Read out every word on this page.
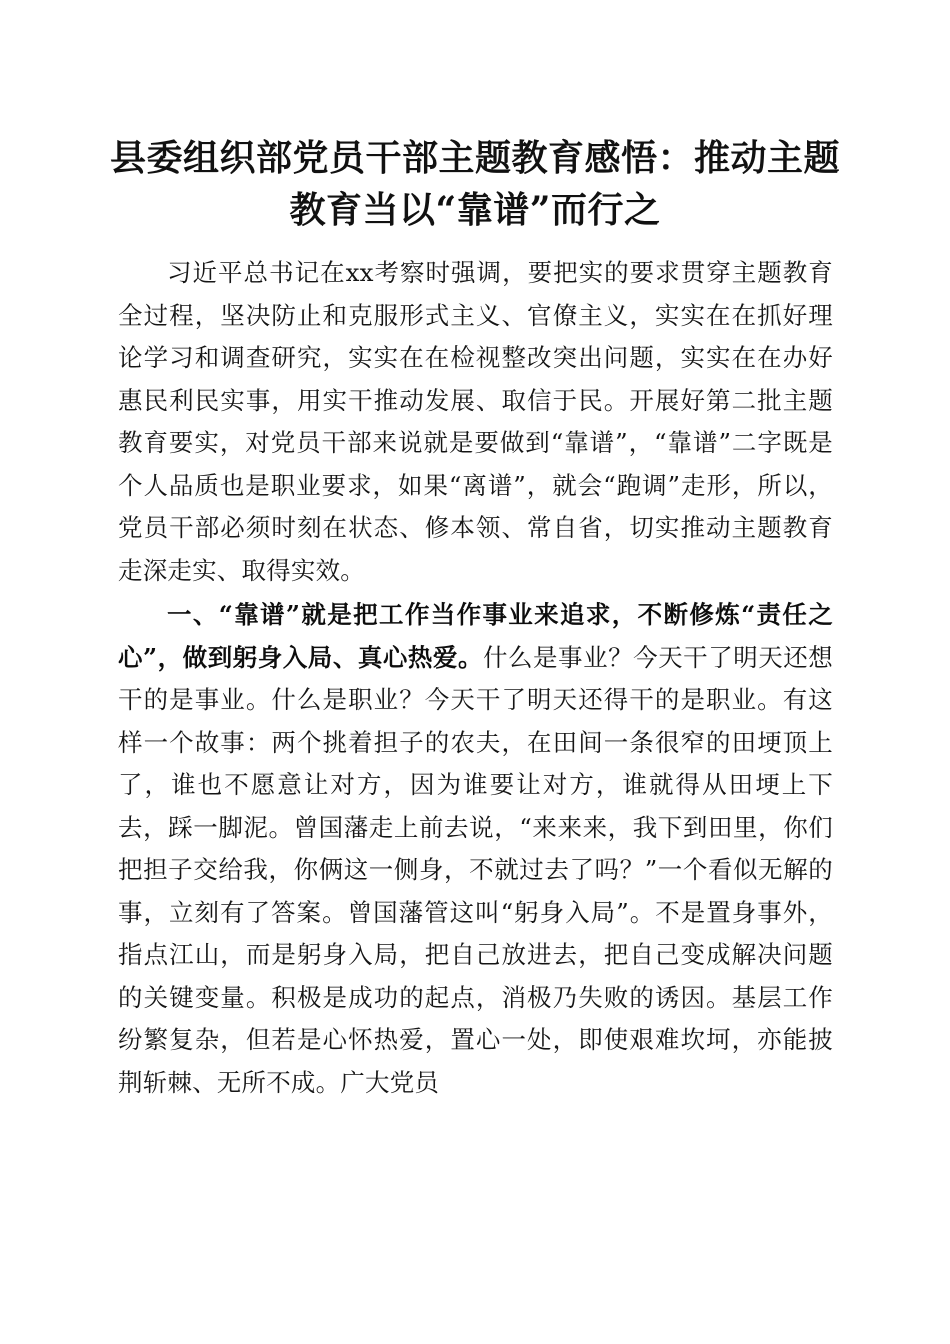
县委组织部党员干部主题教育感悟：推动主题
教育当以“靠谱”而行之

习近平总书记在xx考察时强调，要把实的要求贯穿主题教育全过程，坚决防止和克服形式主义、官僚主义，实实在在抓好理论学习和调查研究，实实在在检视整改突出问题，实实在在办好惠民利民实事，用实干推动发展、取信于民。开展好第二批主题教育要实，对党员干部来说就是要做到“靠谱”，“靠谱”二字既是个人品质也是职业要求，如果“离谱”，就会“跑调”走形，所以，党员干部必须时刻在状态、修本领、常自省，切实推动主题教育走深走实、取得实效。

一、“靠谱”就是把工作当作事业来追求，不断修炼“责任之心”，做到躬身入局、真心热爱。什么是事业？今天干了明天还想干的是事业。什么是职业？今天干了明天还得干的是职业。有这样一个故事：两个挑着担子的农夫，在田间一条很窄的田埂顶上了，谁也不愿意让对方，因为谁要让对方，谁就得从田埂上下去，踩一脚泥。曾国藩走上前去说，“来来来，我下到田里，你们把担子交给我，你俩这一侧身，不就过去了吗？”一个看似无解的事，立刻有了答案。曾国藩管这叫“躬身入局”。不是置身事外，指点江山，而是躬身入局，把自己放进去，把自己变成解决问题的关键变量。积极是成功的起点，消极乃失败的诱因。基层工作纷繁复杂，但若是心怀热爱，置心一处，即使艰难坎坷，亦能披荆斩棘、无所不成。广大党员
